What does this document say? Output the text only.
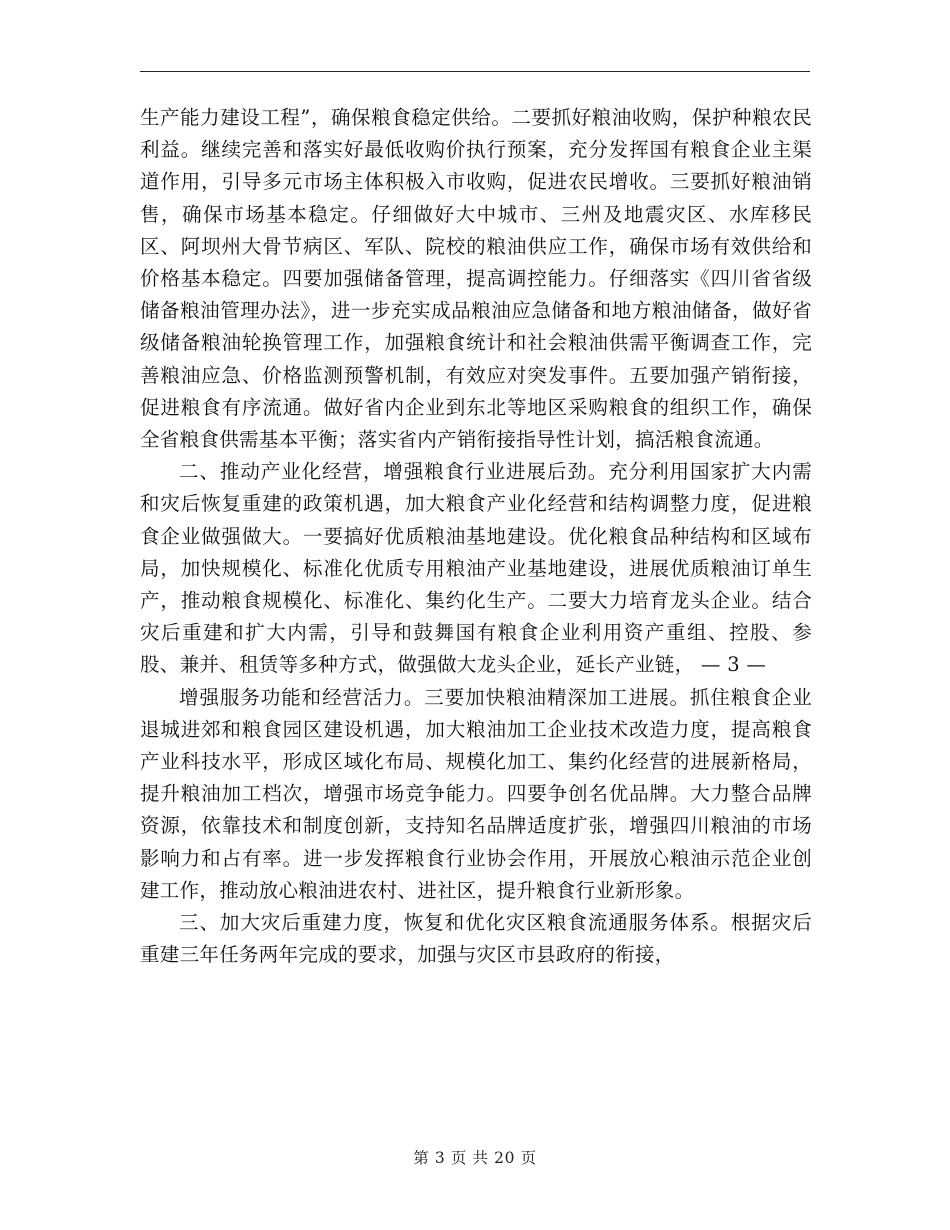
生产能力建设工程”，确保粮食稳定供给。二要抓好粮油收购，保护种粮农民利益。继续完善和落实好最低收购价执行预案，充分发挥国有粮食企业主渠道作用，引导多元市场主体积极入市收购，促进农民增收。三要抓好粮油销售，确保市场基本稳定。仔细做好大中城市、三州及地震灾区、水库移民区、阿坝州大骨节病区、军队、院校的粮油供应工作，确保市场有效供给和价格基本稳定。四要加强储备管理，提高调控能力。仔细落实《四川省省级储备粮油管理办法》，进一步充实成品粮油应急储备和地方粮油储备，做好省级储备粮油轮换管理工作，加强粮食统计和社会粮油供需平衡调查工作，完善粮油应急、价格监测预警机制，有效应对突发事件。五要加强产销衔接，促进粮食有序流通。做好省内企业到东北等地区采购粮食的组织工作，确保全省粮食供需基本平衡；落实省内产销衔接指导性计划，搞活粮食流通。

二、推动产业化经营，增强粮食行业进展后劲。充分利用国家扩大内需和灾后恢复重建的政策机遇，加大粮食产业化经营和结构调整力度，促进粮食企业做强做大。一要搞好优质粮油基地建设。优化粮食品种结构和区域布局，加快规模化、标准化优质专用粮油产业基地建设，进展优质粮油订单生产，推动粮食规模化、标准化、集约化生产。二要大力培育龙头企业。结合灾后重建和扩大内需，引导和鼓舞国有粮食企业利用资产重组、控股、参股、兼并、租赁等多种方式，做强做大龙头企业，延长产业链， — 3 —

增强服务功能和经营活力。三要加快粮油精深加工进展。抓住粮食企业退城进郊和粮食园区建设机遇，加大粮油加工企业技术改造力度，提高粮食产业科技水平，形成区域化布局、规模化加工、集约化经营的进展新格局，提升粮油加工档次，增强市场竞争能力。四要争创名优品牌。大力整合品牌资源，依靠技术和制度创新，支持知名品牌适度扩张，增强四川粮油的市场影响力和占有率。进一步发挥粮食行业协会作用，开展放心粮油示范企业创建工作，推动放心粮油进农村、进社区，提升粮食行业新形象。

三、加大灾后重建力度，恢复和优化灾区粮食流通服务体系。根据灾后重建三年任务两年完成的要求，加强与灾区市县政府的衔接，

第 3 页 共 20 页
